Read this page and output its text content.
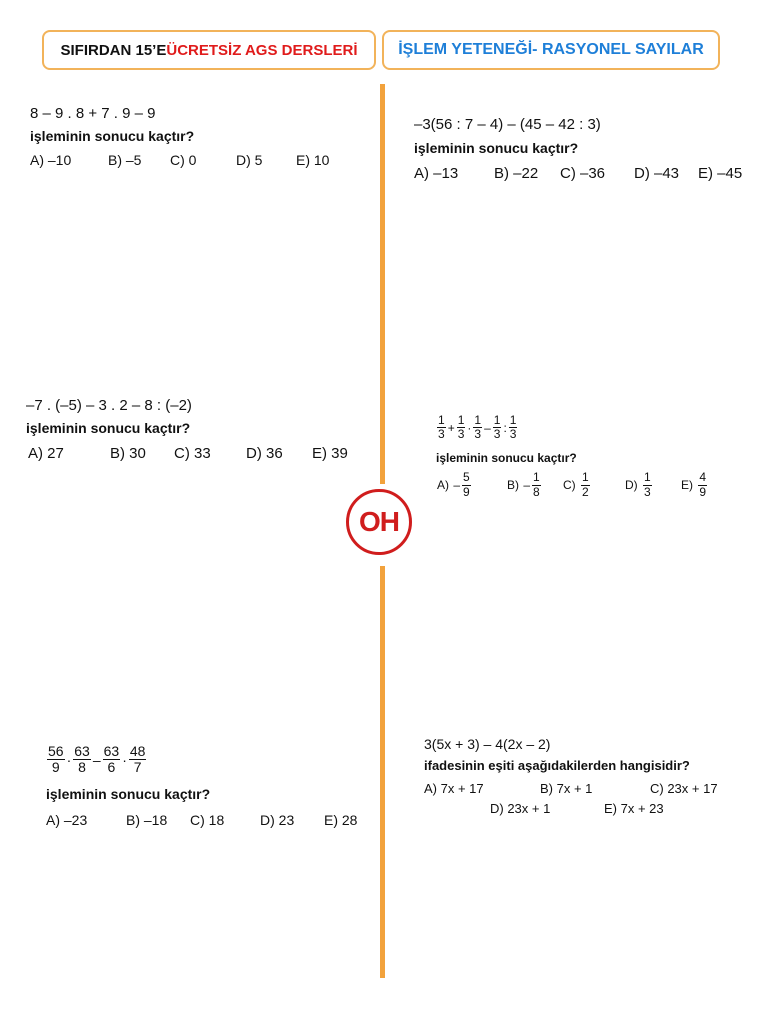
SIFIRDAN 15’E ÜCRETSİZ AGS DERSLERİ	İŞLEM YETENEĞİ- RASYONEL SAYILAR
OH
8 – 9 . 8 + 7 . 9 – 9
işleminin sonucu kaçtır?
A) –10	B) –5 C) 0	D) 5 E) 10
–3(56 : 7 – 4) – (45 – 42 : 3)
işleminin sonucu kaçtır?
A) –13 B) –22 C) –36 D) –43 E) –45
–7 . (–5) – 3 . 2 – 8 : (–2)
işleminin sonucu kaçtır?
A) 27	B) 30 C) 33 D) 36 E) 39
$\frac{1}{3} + \frac{1}{3} \cdot \frac{1}{3} - \frac{1}{3}$ : $\frac{1}{3}$
işleminin sonucu kaçtır?
$A) - \frac{5}{9}$	$B) - \frac{1}{8} C) \frac{1}{2}$	$D) \frac{1}{3} E) \frac{4}{9}$
$\frac{56}{9} \cdot \frac{63}{8} - \frac{63}{6} \cdot \frac{48}{7}$
işleminin sonucu kaçtır?
A) –23	B) –18 C) 18	D) 23 E) 28
3(5x + 3) – 4(2x – 2)
ifadesinin eşiti aşağıdakilerden hangisidir?
A) 7x + 17	B) 7x + 1	C) 23x + 17
D) 23x + 1	E) 7x + 23
